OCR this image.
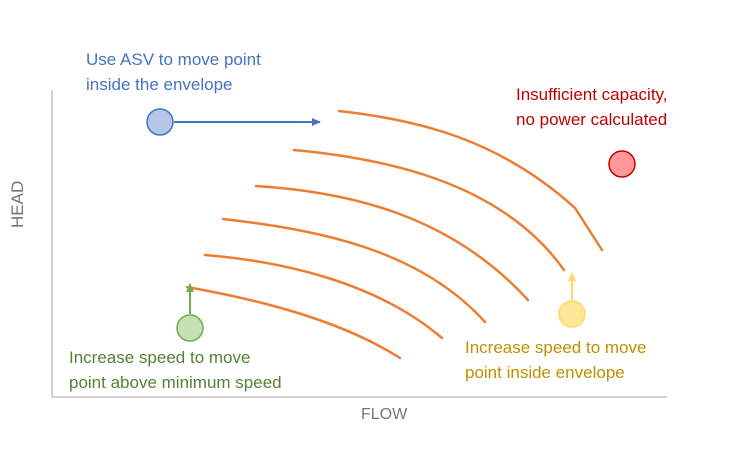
Use ASV to move point
inside the envelope
Insufficient capacity,
no power calculated
Increase speed to move
point above minimum speed
Increase speed to move
point inside envelope
FLOW
HEAD
